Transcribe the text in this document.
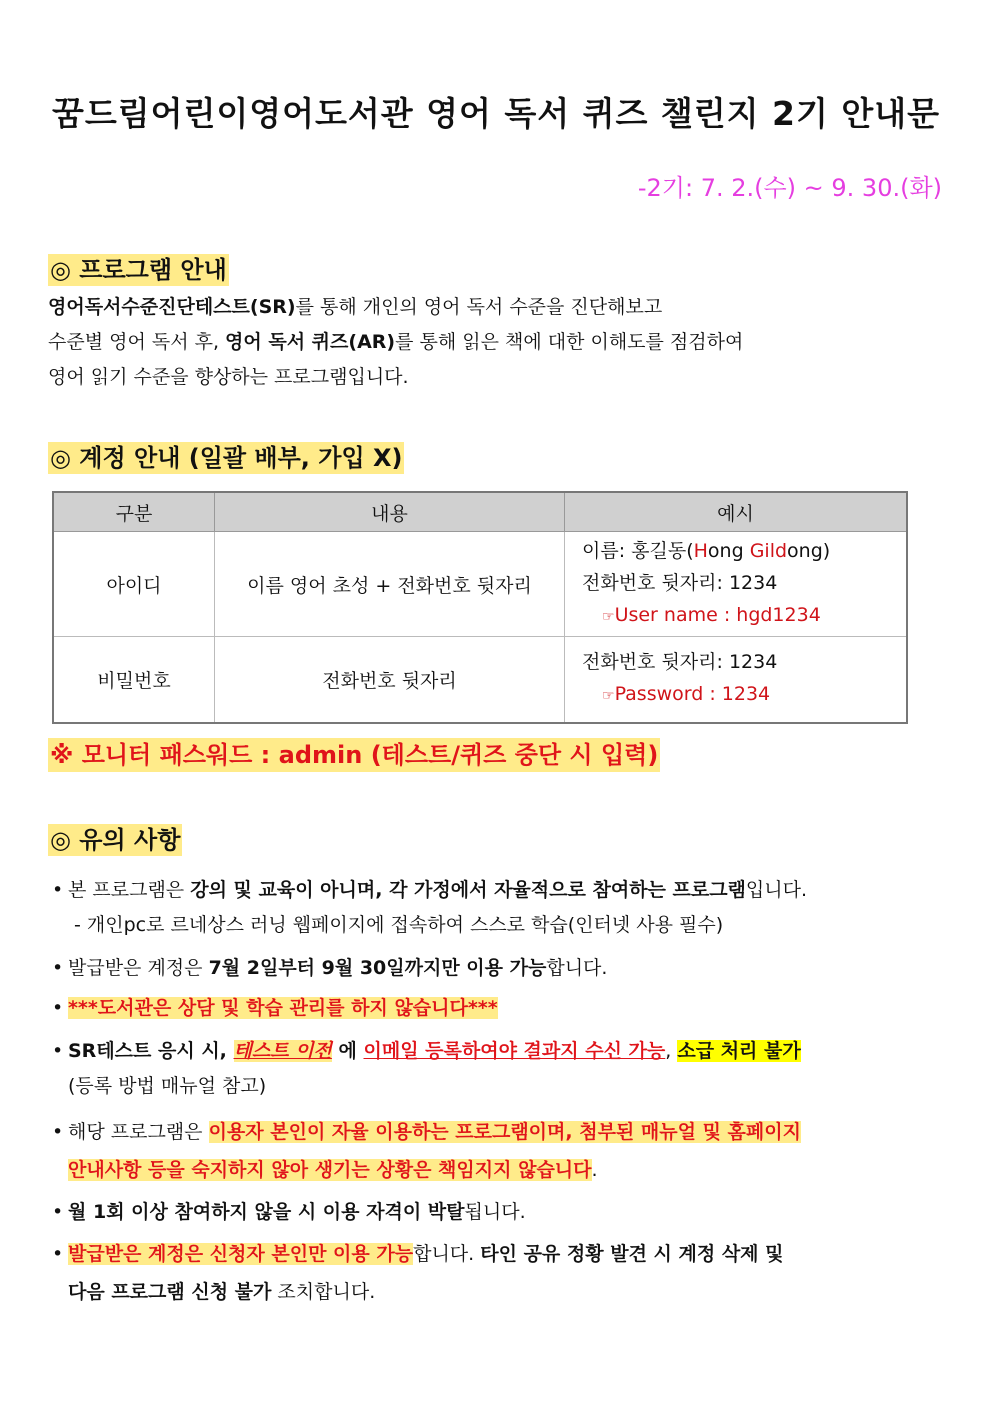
꿈드림어린이영어도서관 영어 독서 퀴즈 챌린지 2기 안내문
-2기: 7. 2.(수) ~ 9. 30.(화)
◎ 프로그램 안내
영어독서수준진단테스트(SR)를 통해 개인의 영어 독서 수준을 진단해보고
수준별 영어 독서 후, 영어 독서 퀴즈(AR)를 통해 읽은 책에 대한 이해도를 점검하여
영어 읽기 수준을 향상하는 프로그램입니다.
◎ 계정 안내 (일괄 배부, 가입 X)
구분	내용	예시
아이디	이름 영어 초성 + 전화번호 뒷자리	이름: 홍길동(Hong Gildong)
전화번호 뒷자리: 1234
☞User name : hgd1234

비밀번호	전화번호 뒷자리	전화번호 뒷자리: 1234
☞Password : 1234
※ 모니터 패스워드 : admin (테스트/퀴즈 중단 시 입력)
◎ 유의 사항
• 본 프로그램은 강의 및 교육이 아니며, 각 가정에서 자율적으로 참여하는 프로그램입니다.
- 개인pc로 르네상스 러닝 웹페이지에 접속하여 스스로 학습(인터넷 사용 필수)
• 발급받은 계정은 7월 2일부터 9월 30일까지만 이용 가능합니다.
• ***도서관은 상담 및 학습 관리를 하지 않습니다***
• SR테스트 응시 시, 테스트 이전 에 이메일 등록하여야 결과지 수신 가능, 소급 처리 불가
(등록 방법 매뉴얼 참고)
• 해당 프로그램은 이용자 본인이 자율 이용하는 프로그램이며, 첨부된 매뉴얼 및 홈페이지
안내사항 등을 숙지하지 않아 생기는 상황은 책임지지 않습니다.
• 월 1회 이상 참여하지 않을 시 이용 자격이 박탈됩니다.
• 발급받은 계정은 신청자 본인만 이용 가능합니다. 타인 공유 정황 발견 시 계정 삭제 및
다음 프로그램 신청 불가 조치합니다.
